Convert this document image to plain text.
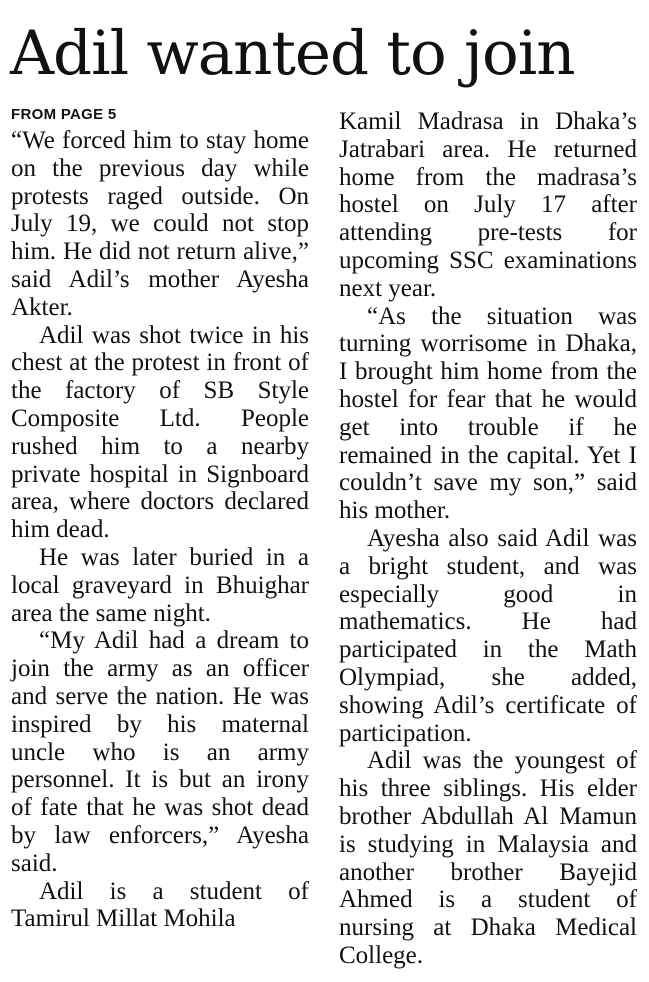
Adil wanted to join
FROM PAGE 5

“We forced him to stay home on the previous day while protests raged outside. On July 19, we could not stop him. He did not return alive,” said Adil’s mother Ayesha Akter.

Adil was shot twice in his chest at the protest in front of the factory of SB Style Composite Ltd. People rushed him to a nearby private hospital in Signboard area, where doctors declared him dead.

He was later buried in a local graveyard in Bhuighar area the same night.

“My Adil had a dream to join the army as an officer and serve the nation. He was inspired by his maternal uncle who is an army personnel. It is but an irony of fate that he was shot dead by law enforcers,” Ayesha said.

Adil is a student of Tamirul Millat Mohila

Kamil Madrasa in Dhaka’s Jatrabari area. He returned home from the madrasa’s hostel on July 17 after attending pre-tests for upcoming SSC examinations next year.

“As the situation was turning worrisome in Dhaka, I brought him home from the hostel for fear that he would get into trouble if he remained in the capital. Yet I couldn’t save my son,” said his mother.

Ayesha also said Adil was a bright student, and was especially good in mathematics. He had participated in the Math Olympiad, she added, showing Adil’s certificate of participation.

Adil was the youngest of his three siblings. His elder brother Abdullah Al Mamun is studying in Malaysia and another brother Bayejid Ahmed is a student of nursing at Dhaka Medical College.
